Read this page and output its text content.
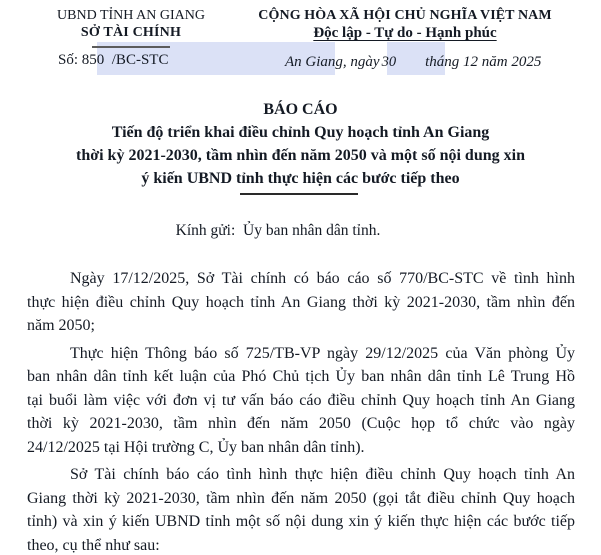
UBND TỈNH AN GIANG
SỞ TÀI CHÍNH
CỘNG HÒA XÃ HỘI CHỦ NGHĨA VIỆT NAM
Độc lập - Tự do - Hạnh phúc
Số: 850  /BC-STC	An Giang, ngày 30 tháng 12 năm 2025
BÁO CÁO
Tiến độ triển khai điều chỉnh Quy hoạch tỉnh An Giang
thời kỳ 2021-2030, tầm nhìn đến năm 2050 và một số nội dung xin
ý kiến UBND tỉnh thực hiện các bước tiếp theo
Kính gửi:  Ủy ban nhân dân tỉnh.
Ngày 17/12/2025, Sở Tài chính có báo cáo số 770/BC-STC về tình hình
thực hiện điều chỉnh Quy hoạch tỉnh An Giang thời kỳ 2021-2030, tầm nhìn đến
năm 2050;
Thực hiện Thông báo số 725/TB-VP ngày 29/12/2025 của Văn phòng Ủy
ban nhân dân tỉnh kết luận của Phó Chủ tịch Ủy ban nhân dân tỉnh Lê Trung Hồ
tại buổi làm việc với đơn vị tư vấn báo cáo điều chỉnh Quy hoạch tỉnh An Giang
thời kỳ 2021-2030, tầm nhìn đến năm 2050 (Cuộc họp tổ chức vào ngày
24/12/2025 tại Hội trường C, Ủy ban nhân dân tỉnh).
Sở Tài chính báo cáo tình hình thực hiện điều chỉnh Quy hoạch tỉnh An
Giang thời kỳ 2021-2030, tầm nhìn đến năm 2050 (gọi tắt điều chỉnh Quy hoạch
tỉnh) và xin ý kiến UBND tỉnh một số nội dung xin ý kiến thực hiện các bước tiếp
theo, cụ thể như sau:
